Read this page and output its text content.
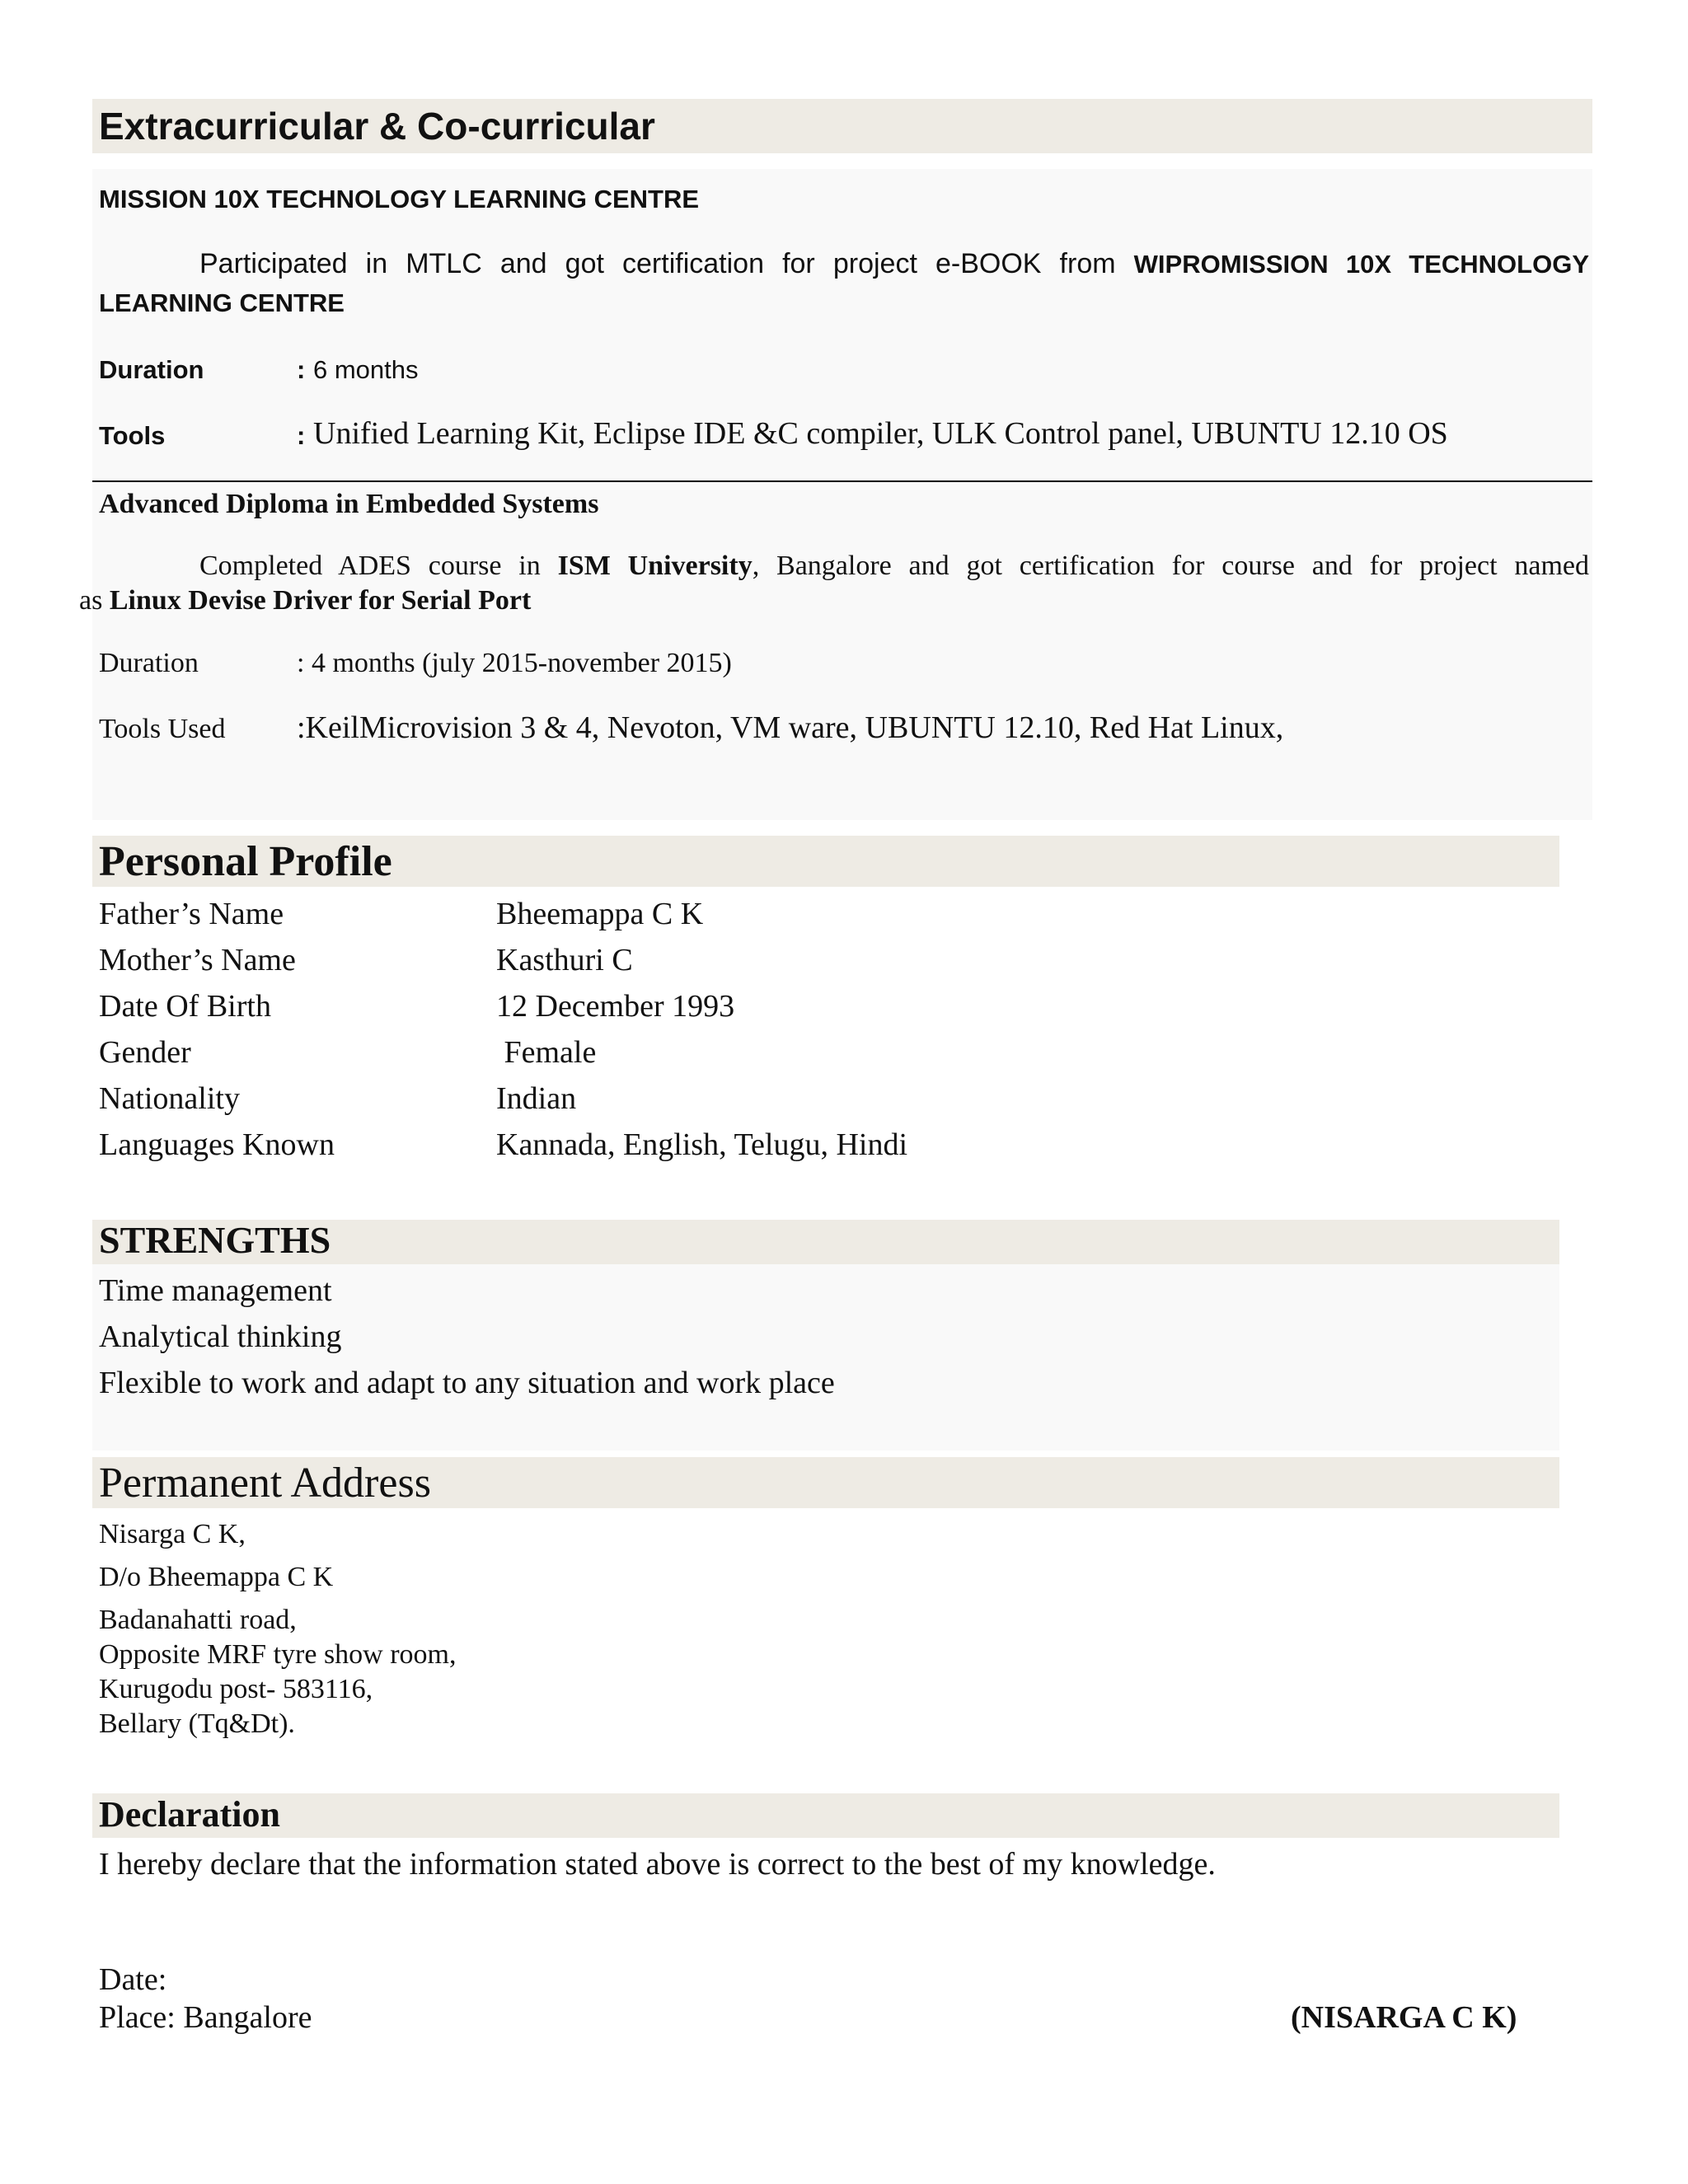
Extracurricular & Co-curricular
MISSION 10X TECHNOLOGY LEARNING CENTRE
Participated in MTLC and got certification for project e-BOOK from WIPROMISSION 10X TECHNOLOGY
LEARNING CENTRE
Duration	: 6 months
Tools	: Unified Learning Kit, Eclipse IDE &C compiler, ULK Control panel, UBUNTU 12.10 OS
Advanced Diploma in Embedded Systems
Completed ADES course in ISM University, Bangalore and got certification for course and for project named
as Linux Devise Driver for Serial Port
Duration	: 4 months (july 2015-november 2015)
Tools Used :KeilMicrovision 3 & 4, Nevoton, VM ware, UBUNTU 12.10, Red Hat Linux,
Personal Profile
Father’s Name	Bheemappa C K
Mother’s Name	Kasthuri C
Date Of Birth	12 December 1993
Gender	Female
Nationality	Indian
Languages Known	Kannada, English, Telugu, Hindi
STRENGTHS
Time management
Analytical thinking
Flexible to work and adapt to any situation and work place
Permanent Address
Nisarga C K,
D/o Bheemappa C K
Badanahatti road,
Opposite MRF tyre show room,
Kurugodu post- 583116,
Bellary (Tq&Dt).
Declaration
I hereby declare that the information stated above is correct to the best of my knowledge.
Date:
Place: Bangalore	(NISARGA C K)
